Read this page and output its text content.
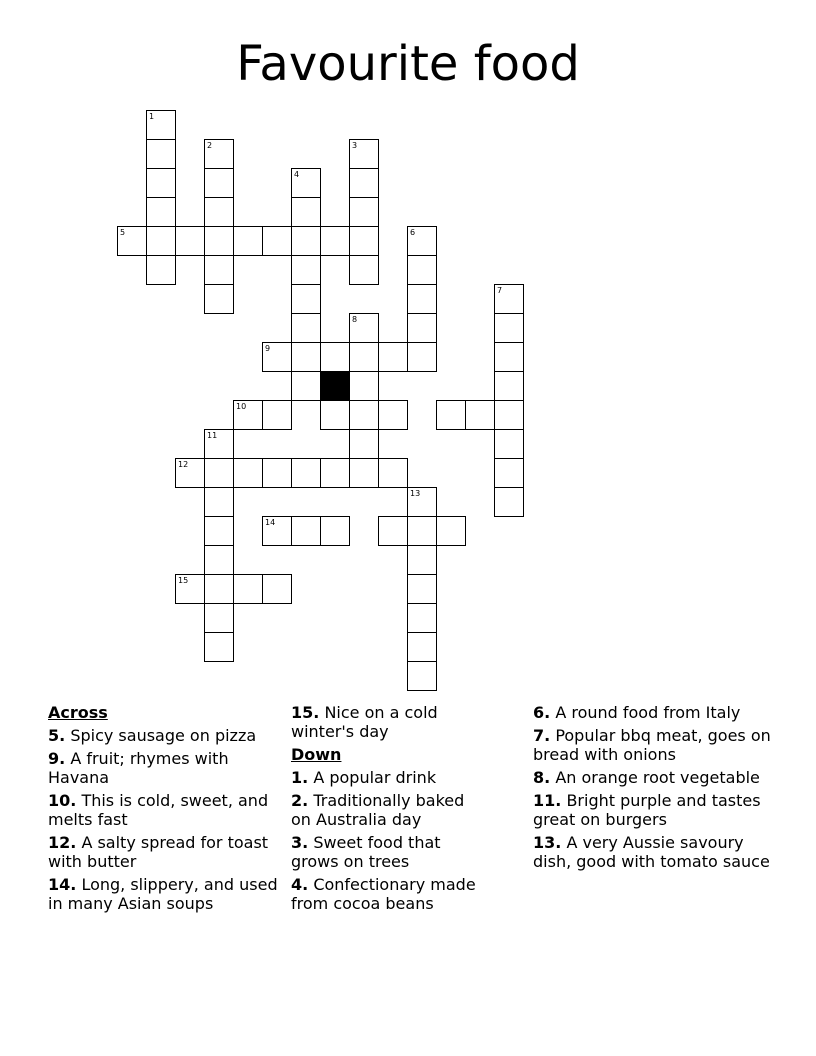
Favourite food
1
2	3
4
5	6
7
8
9
10
11
12
13
14
15
Across
5. Spicy sausage on pizza
9. A fruit; rhymes with Havana
10. This is cold, sweet, and melts fast
12. A salty spread for toast with butter
14. Long, slippery, and used in many Asian soups
15. Nice on a cold winter's day
Down
1. A popular drink
2. Traditionally baked on Australia day
3. Sweet food that grows on trees
4. Confectionary made from cocoa beans
6. A round food from Italy
7. Popular bbq meat, goes on bread with onions
8. An orange root vegetable
11. Bright purple and tastes great on burgers
13. A very Aussie savoury dish, good with tomato sauce
